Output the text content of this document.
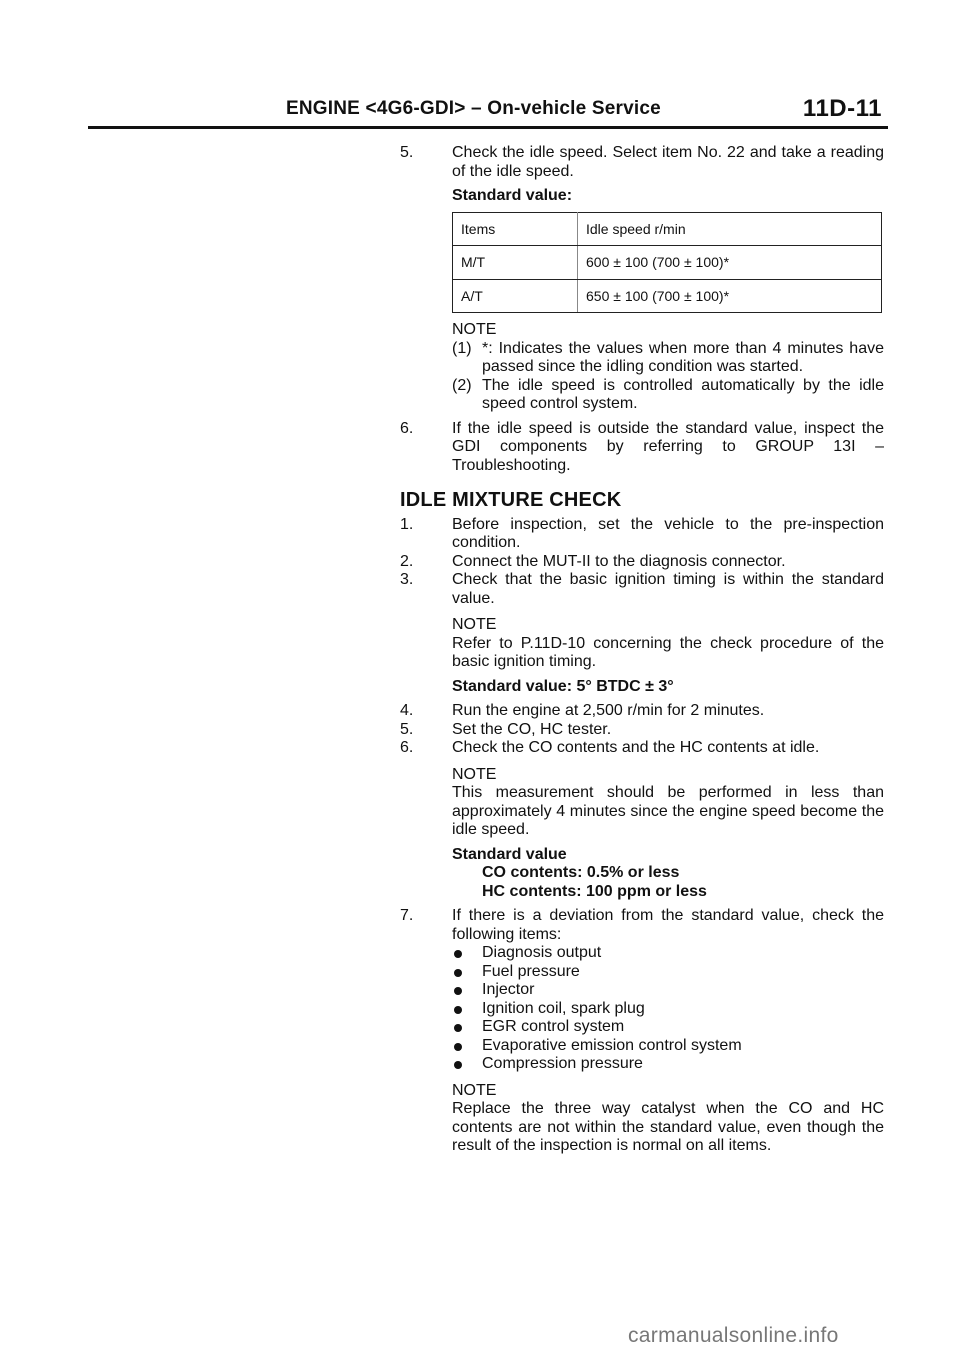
ENGINE <4G6-GDI> – On-vehicle Service	11D-11
5. Check the idle speed. Select item No. 22 and take a reading of the idle speed.
Standard value:
Items	Idle speed r/min
M/T	600 ± 100 (700 ± 100)*
A/T	650 ± 100 (700 ± 100)*
NOTE
(1) *: Indicates the values when more than 4 minutes have passed since the idling condition was started.
(2) The idle speed is controlled automatically by the idle speed control system.
6. If the idle speed is outside the standard value, inspect the GDI components by referring to GROUP 13I – Troubleshooting.
IDLE MIXTURE CHECK
1. Before inspection, set the vehicle to the pre-inspection condition.
2. Connect the MUT-II to the diagnosis connector.
3. Check that the basic ignition timing is within the standard value.
NOTE
Refer to P.11D-10 concerning the check procedure of the basic ignition timing.
Standard value: 5° BTDC ± 3°
4. Run the engine at 2,500 r/min for 2 minutes.
5. Set the CO, HC tester.
6. Check the CO contents and the HC contents at idle.
NOTE
This measurement should be performed in less than approximately 4 minutes since the engine speed become the idle speed.
Standard value
CO contents: 0.5% or less
HC contents: 100 ppm or less
7. If there is a deviation from the standard value, check the following items:
Diagnosis output
Fuel pressure
Injector
Ignition coil, spark plug
EGR control system
Evaporative emission control system
Compression pressure
NOTE
Replace the three way catalyst when the CO and HC contents are not within the standard value, even though the result of the inspection is normal on all items.
carmanualsonline.info
